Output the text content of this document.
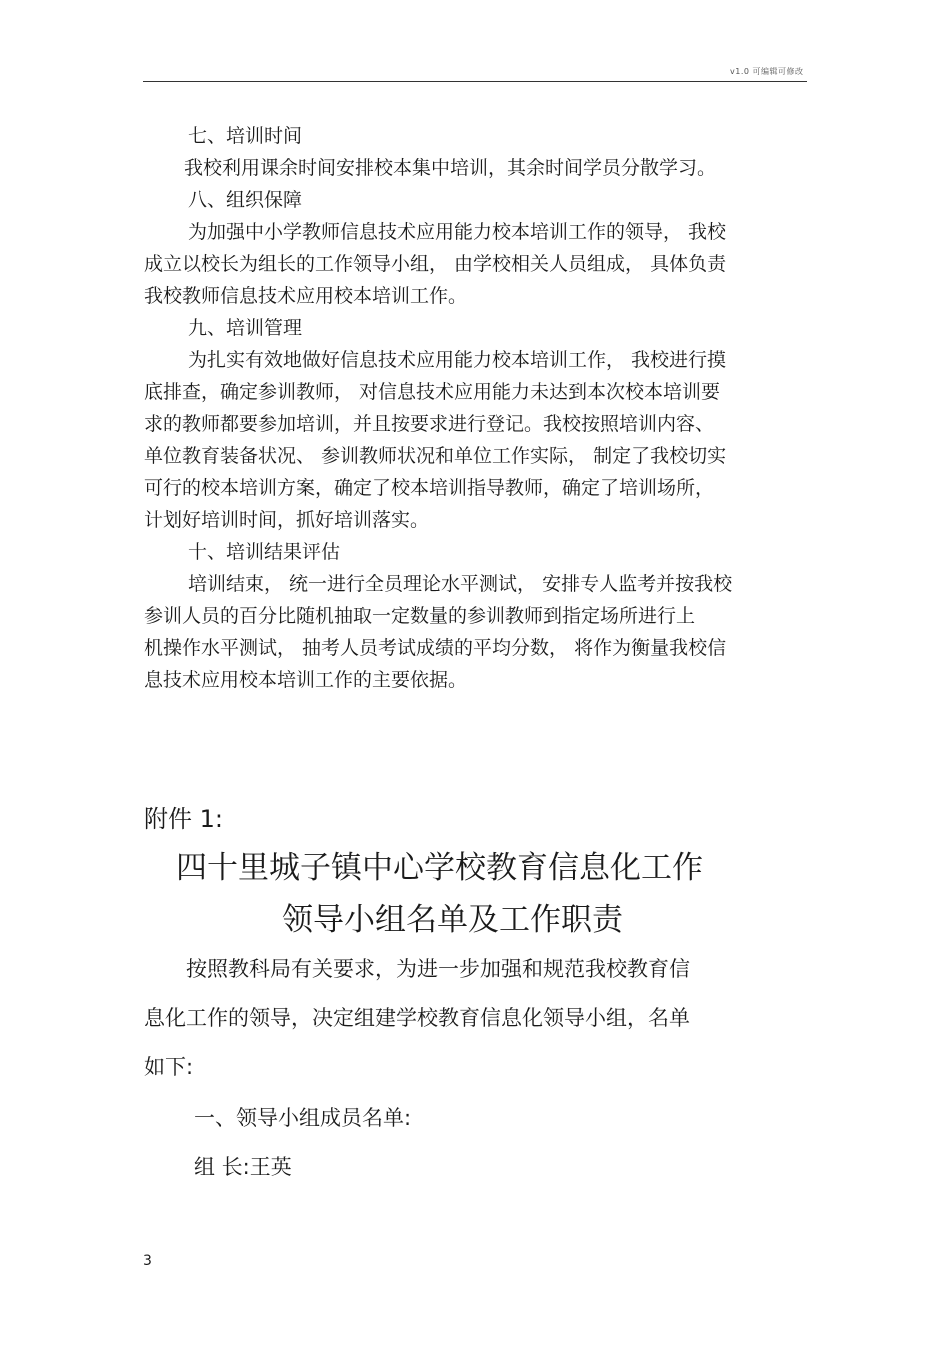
v1.0 可编辑可修改
七、培训时间
我校利用课余时间安排校本集中培训，其余时间学员分散学习。
八、组织保障
为加强中小学教师信息技术应用能力校本培训工作的领导， 我校
成立以校长为组长的工作领导小组， 由学校相关人员组成， 具体负责
我校教师信息技术应用校本培训工作。
九、培训管理
为扎实有效地做好信息技术应用能力校本培训工作， 我校进行摸
底排查，确定参训教师， 对信息技术应用能力未达到本次校本培训要
求的教师都要参加培训，并且按要求进行登记。我校按照培训内容、
单位教育装备状况、 参训教师状况和单位工作实际， 制定了我校切实
可行的校本培训方案，确定了校本培训指导教师，确定了培训场所，
计划好培训时间，抓好培训落实。
十、培训结果评估
培训结束， 统一进行全员理论水平测试， 安排专人监考并按我校
参训人员的百分比随机抽取一定数量的参训教师到指定场所进行上
机操作水平测试， 抽考人员考试成绩的平均分数， 将作为衡量我校信
息技术应用校本培训工作的主要依据。
附件 1:
四十里城子镇中心学校教育信息化工作
领导小组名单及工作职责
按照教科局有关要求，为进一步加强和规范我校教育信
息化工作的领导，决定组建学校教育信息化领导小组，名单
如下:
一、领导小组成员名单:
组 长:王英
3
